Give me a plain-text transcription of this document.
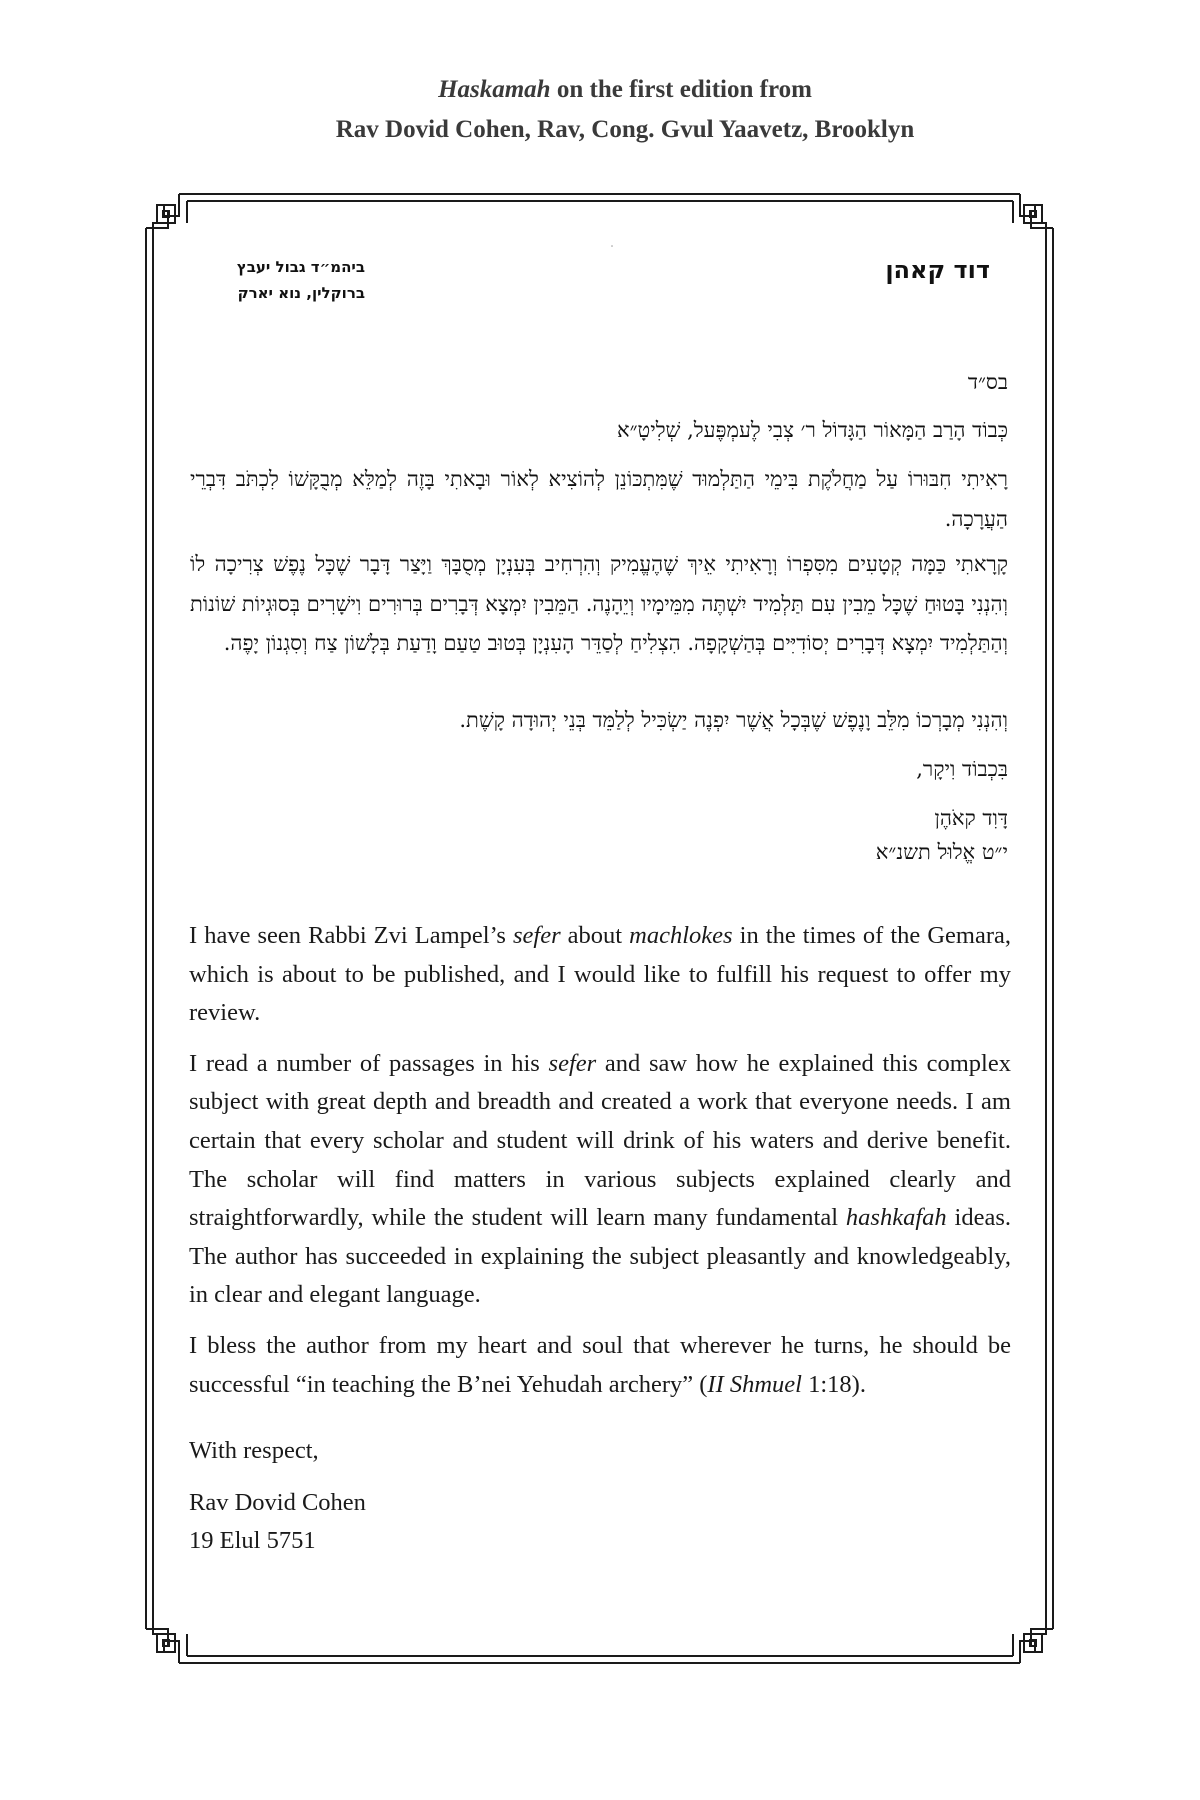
Haskamah on the first edition from
Rav Dovid Cohen, Rav, Cong. Gvul Yaavetz, Brooklyn
ביהמ״ד גבול יעבץ
ברוקלין, נוא יארק
דוד קאהן
בס״ד
כְּבוֹד הָרַב הַמָּאוֹר הַגָּדוֹל ר׳ צְבִי לֶעמְפֶּעל, שְׁלִיטָ״א
רָאִיתִי חִבּוּרוֹ עַל מַחֲלֹקֶת בִּימֵי הַתַּלְמוּד שֶׁמִּתְכּוֹנֵן לְהוֹצִיא לְאוֹר וּבָאתִי בָּזֶה לְמַלֵּא מְבֻקָּשׁוֹ לִכְתֹּב דִּבְרֵי הַעֲרָכָה.
קָרָאתִי כַּמָּה קְטָעִים מִסִּפְרוֹ וְרָאִיתִי אֵיךְ שֶׁהֶעֱמִיק וְהִרְחִיב בְּעִנְיָן מְסֻבָּךְ וַיָּצַר דָּבָר שֶׁכָּל נֶפֶשׁ צְרִיכָה לוֹ וְהִנְנִי בָּטוּחַ שֶׁכָּל מֵבִין עִם תַּלְמִיד יִשְׁתֶּה מִמֵּימָיו וְיֵהָנֶה. הַמֵּבִין יִמְצָא דְּבָרִים בְּרוּרִים וִישָׁרִים בְּסוּגְיוֹת שׁוֹנוֹת וְהַתַּלְמִיד יִמְצָא דְּבָרִים יְסוֹדִיִּים בְּהַשְׁקָפָה. הִצְלִיחַ לְסַדֵּר הָעִנְיָן בְּטוּב טַעַם וָדַעַת בְּלָשׁוֹן צַח וְסִגְנוֹן יָפֶה.
וְהִנְנִי מְבָרְכוֹ מִלֵּב וָנֶפֶשׁ שֶׁבְּכָל אֲשֶׁר יִפְנֶה יַשְׂכִּיל לְלַמֵּד בְּנֵי יְהוּדָה קָשֶׁת.
בִּכְבוֹד וִיקָר,
דָּוִד קאֹהֶן
י״ט אֱלוּל תשנ״א

I have seen Rabbi Zvi Lampel’s sefer about machlokes in the times of the Gemara, which is about to be published, and I would like to fulfill his request to offer my review.

I read a number of passages in his sefer and saw how he explained this complex subject with great depth and breadth and created a work that everyone needs. I am certain that every scholar and student will drink of his waters and derive benefit. The scholar will find matters in various subjects explained clearly and straightforwardly, while the student will learn many fundamental hashkafah ideas. The author has succeeded in explaining the subject pleasantly and knowledgeably, in clear and elegant language.

I bless the author from my heart and soul that wherever he turns, he should be successful “in teaching the B’nei Yehudah archery” (II Shmuel 1:18).

With respect,
Rav Dovid Cohen
19 Elul 5751
